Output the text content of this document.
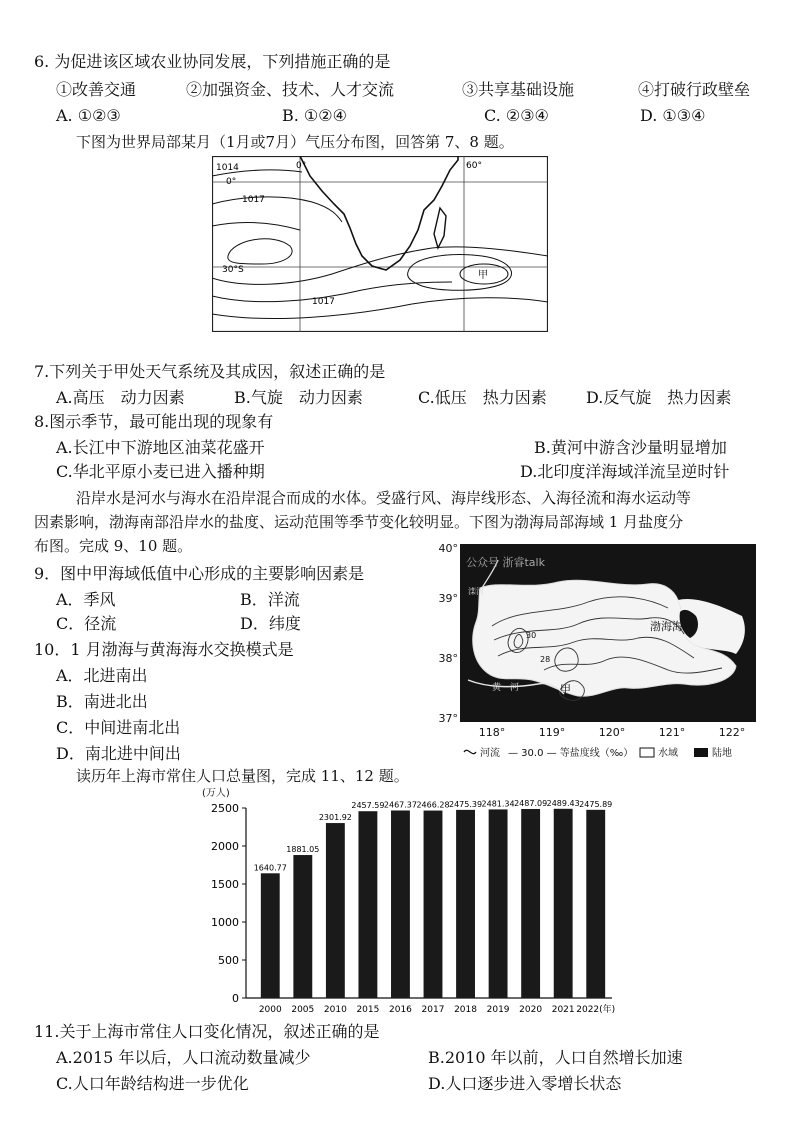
6. 为促进该区域农业协同发展，下列措施正确的是
①改善交通	②加强资金、技术、人才交流	③共享基础设施	④打破行政壁垒
A. ①②③	B. ①②④	C. ②③④	D. ①③④
下图为世界局部某月（1月或7月）气压分布图，回答第 7、8 题。
1014
0°
1017
0°	60°
30°S	甲
1017
7.下列关于甲处天气系统及其成因，叙述正确的是
A.高压　动力因素	B.气旋　动力因素	C.低压　热力因素 D.反气旋　热力因素
8.图示季节，最可能出现的现象有
A.长江中下游地区油菜花盛开	B.黄河中游含沙量明显增加
C.华北平原小麦已进入播种期	D.北印度洋海域洋流呈逆时针
沿岸水是河水与海水在沿岸混合而成的水体。受盛行风、海岸线形态、入海径流和海水运动等
因素影响，渤海南部沿岸水的盐度、运动范围等季节变化较明显。下图为渤海局部海域 1 月盐度分
布图。完成 9、10 题。
9．图中甲海域低值中心形成的主要影响因素是
A．季风	B．洋流
C．径流	D．纬度
10．1 月渤海与黄海海水交换模式是
A．北进南出
B．南进北出
C．中间进南北出
D．南北进中间出
40°
39°
38°
37°
118°	119°	120°	121°	122°
公众号 浙睿talk
渤海海峡
滦河
黄　河	甲
30
28
河流 — 30.0 — 等盐度线（‰） 水域	陆地
读历年上海市常住人口总量图，完成 11、12 题。
(万人)
0
500
1000
1500
2000
2500
1640.77
1881.05
2301.92
2457.59 2467.37 2466.28 2475.39 2481.34 2487.09 2489.43 2475.89
2000 2005 2010 2015 2016 2017 2018 2019 2020 2021 2022(年)
11.关于上海市常住人口变化情况，叙述正确的是
A.2015 年以后，人口流动数量减少	B.2010 年以前，人口自然增长加速
C.人口年龄结构进一步优化	D.人口逐步进入零增长状态
